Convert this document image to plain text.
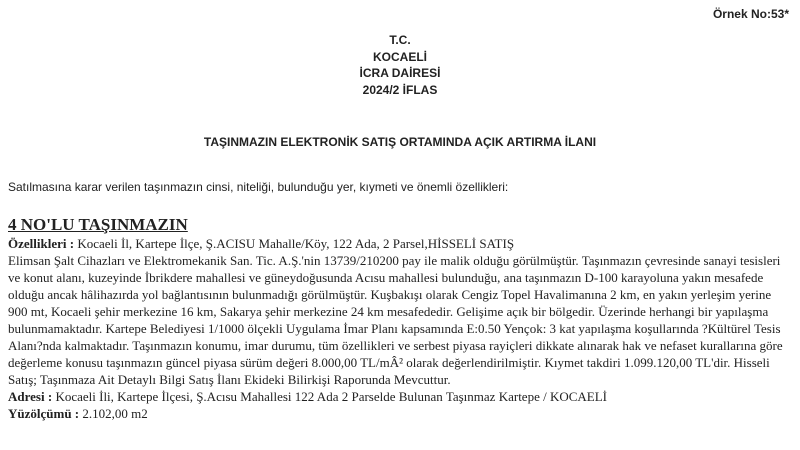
Örnek No:53*
T.C.
KOCAELİ
İCRA DAİRESİ
2024/2 İFLAS
TAŞINMAZIN ELEKTRONİK SATIŞ ORTAMINDA AÇIK ARTIRMA İLANI
Satılmasına karar verilen taşınmazın cinsi, niteliği, bulunduğu yer, kıymeti ve önemli özellikleri:
4 NO'LU TAŞINMAZIN

Özellikleri : Kocaeli İl, Kartepe İlçe, Ş.ACISU Mahalle/Köy, 122 Ada, 2 Parsel,HİSSELİ SATIŞ

Elimsan Şalt Cihazları ve Elektromekanik San. Tic. A.Ş.'nin 13739/210200 pay ile malik olduğu görülmüştür. Taşınmazın çevresinde sanayi tesisleri ve konut alanı, kuzeyinde İbrikdere mahallesi ve güneydoğusunda Acısu mahallesi bulunduğu, ana taşınmazın D-100 karayoluna yakın mesafede olduğu ancak hâlihazırda yol bağlantısının bulunmadığı görülmüştür. Kuşbakışı olarak Cengiz Topel Havalimanına 2 km, en yakın yerleşim yerine 900 mt, Kocaeli şehir merkezine 16 km, Sakarya şehir merkezine 24 km mesafededir. Gelişime açık bir bölgedir. Üzerinde herhangi bir yapılaşma bulunmamaktadır. Kartepe Belediyesi 1/1000 ölçekli Uygulama İmar Planı kapsamında E:0.50 Yençok: 3 kat yapılaşma koşullarında ?Kültürel Tesis Alanı?nda kalmaktadır. Taşınmazın konumu, imar durumu, tüm özellikleri ve serbest piyasa rayiçleri dikkate alınarak hak ve nefaset kurallarına göre değerleme konusu taşınmazın güncel piyasa sürüm değeri 8.000,00 TL/mÂ² olarak değerlendirilmiştir. Kıymet takdiri 1.099.120,00 TL'dir. Hisseli Satış; Taşınmaza Ait Detaylı Bilgi Satış İlanı Ekideki Bilirkişi Raporunda Mevcuttur.

Adresi : Kocaeli İli, Kartepe İlçesi, Ş.Acısu Mahallesi 122 Ada 2 Parselde Bulunan Taşınmaz Kartepe / KOCAELİ

Yüzölçümü : 2.102,00 m2
